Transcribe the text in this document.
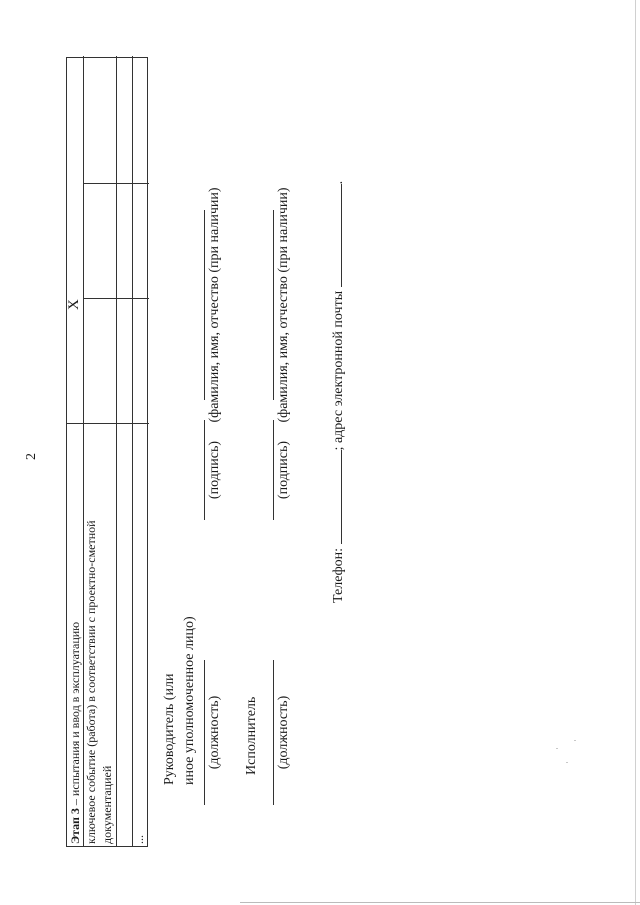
2
Этап 3 – испытания и ввод в эксплуатацию ключевое событие (работа) в соответствии с проектно-сметной документацией ...
X
Руководитель (или иное уполномоченное лицо) (должность)
(подпись)
(фамилия, имя, отчество (при наличии)
Исполнитель (должность)
(подпись)
(фамилия, имя, отчество (при наличии)
Телефон: ; адрес электронной почты .
